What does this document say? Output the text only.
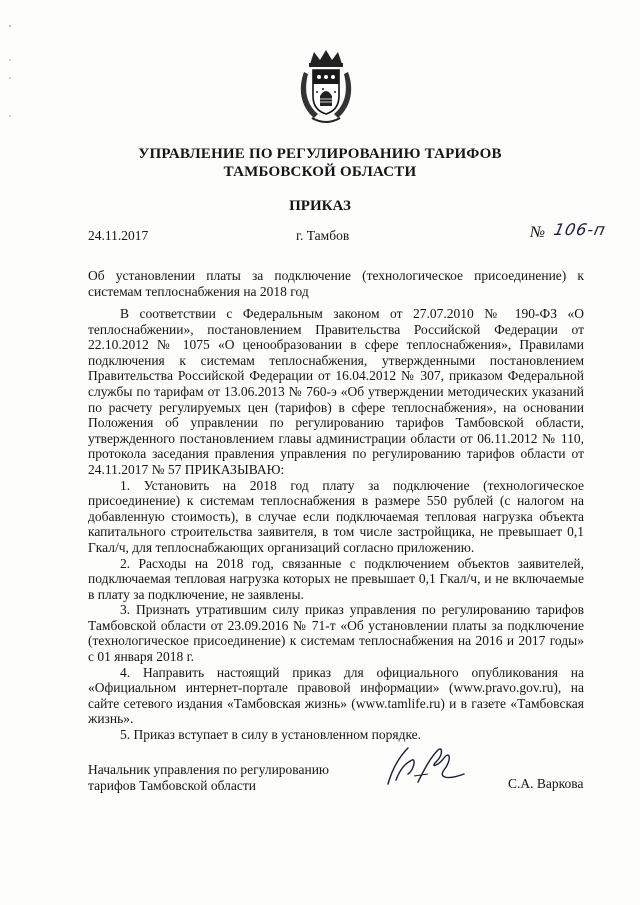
УПРАВЛЕНИЕ ПО РЕГУЛИРОВАНИЮ ТАРИФОВ
ТАМБОВСКОЙ ОБЛАСТИ
ПРИКАЗ
24.11.2017	г. Тамбов	№ 106-п
Об установлении платы за подключение (технологическое присоединение) к системам теплоснабжения на 2018 год

В соответствии с Федеральным законом от 27.07.2010 № 190-ФЗ «О теплоснабжении», постановлением Правительства Российской Федерации от 22.10.2012 № 1075 «О ценообразовании в сфере теплоснабжения», Правилами подключения к системам теплоснабжения, утвержденными постановлением Правительства Российской Федерации от 16.04.2012 № 307, приказом Федеральной службы по тарифам от 13.06.2013 № 760-э «Об утверждении методических указаний по расчету регулируемых цен (тарифов) в сфере теплоснабжения», на основании Положения об управлении по регулированию тарифов Тамбовской области, утвержденного постановлением главы администрации области от 06.11.2012 № 110, протокола заседания правления управления по регулированию тарифов области от 24.11.2017 № 57 ПРИКАЗЫВАЮ:

1. Установить на 2018 год плату за подключение (технологическое присоединение) к системам теплоснабжения в размере 550 рублей (с налогом на добавленную стоимость), в случае если подключаемая тепловая нагрузка объекта капитального строительства заявителя, в том числе застройщика, не превышает 0,1 Гкал/ч, для теплоснабжающих организаций согласно приложению.

2. Расходы на 2018 год, связанные с подключением объектов заявителей, подключаемая тепловая нагрузка которых не превышает 0,1 Гкал/ч, и не включаемые в плату за подключение, не заявлены.

3. Признать утратившим силу приказ управления по регулированию тарифов Тамбовской области от 23.09.2016 № 71-т «Об установлении платы за подключение (технологическое присоединение) к системам теплоснабжения на 2016 и 2017 годы» с 01 января 2018 г.

4. Направить настоящий приказ для официального опубликования на «Официальном интернет-портале правовой информации» (www.pravo.gov.ru), на сайте сетевого издания «Тамбовская жизнь» (www.tamlife.ru) и в газете «Тамбовская жизнь».

5. Приказ вступает в силу в установленном порядке.

Начальник управления по регулированию
тарифов Тамбовской области	С.А. Варкова
